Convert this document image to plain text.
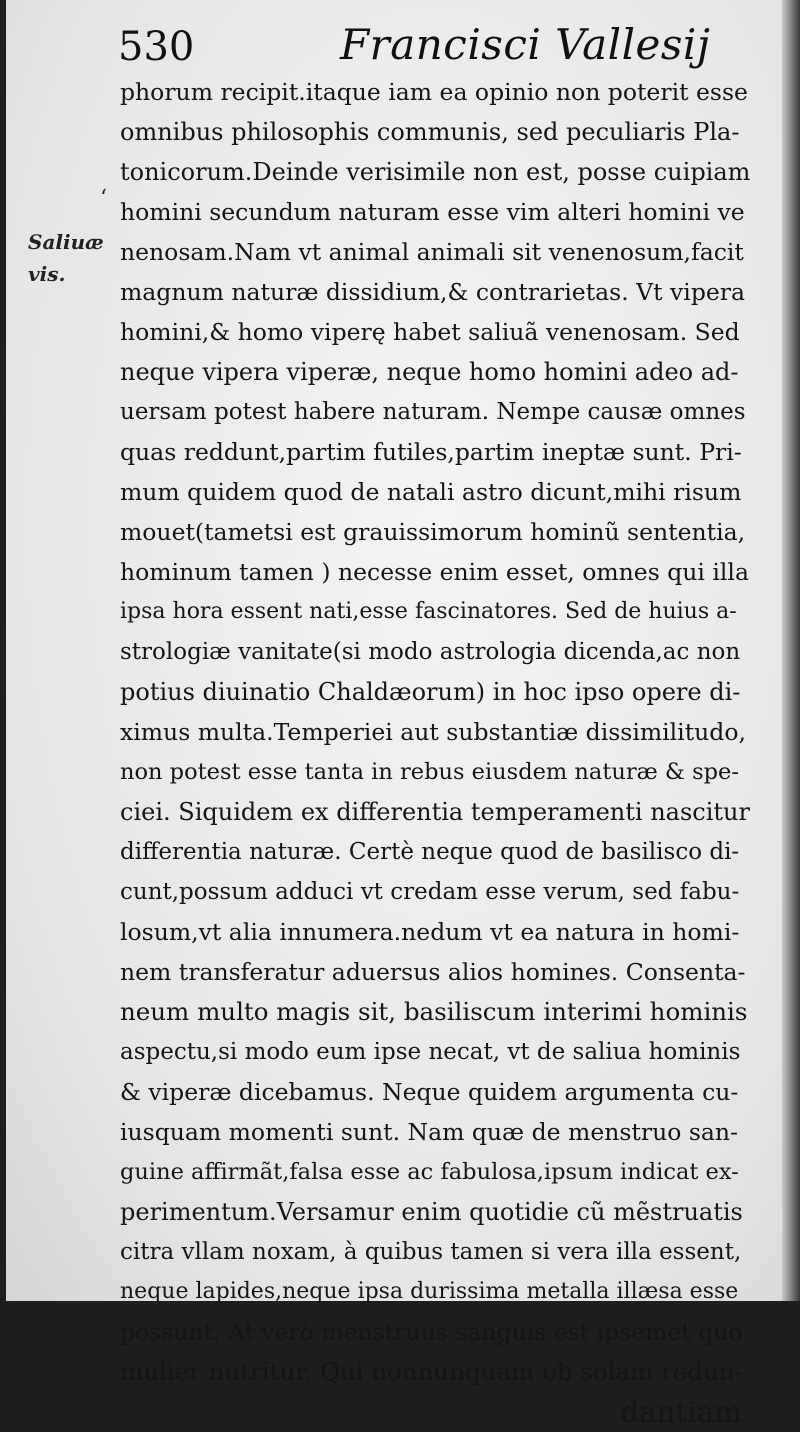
530	Francisci Vallesij
Saliuæ
vis.
‘
phorum recipit.itaque iam ea opinio non poterit esse
omnibus philosophis communis, sed peculiaris Pla-
tonicorum.Deinde verisimile non est, posse cuipiam
homini secundum naturam esse vim alteri homini ve
nenosam.Nam vt animal animali sit venenosum,facit
magnum naturæ dissidium,& contrarietas. Vt vipera
homini,& homo viperę habet saliuã venenosam. Sed
neque vipera viperæ, neque homo homini adeo ad-
uersam potest habere naturam. Nempe causæ omnes
quas reddunt,partim futiles,partim ineptæ sunt. Pri-
mum quidem quod de natali astro dicunt,mihi risum
mouet(tametsi est grauissimorum hominũ sententia,
hominum tamen ) necesse enim esset, omnes qui illa
ipsa hora essent nati,esse fascinatores. Sed de huius a-
strologiæ vanitate(si modo astrologia dicenda,ac non
potius diuinatio Chaldæorum) in hoc ipso opere di-
ximus multa.Temperiei aut substantiæ dissimilitudo,
non potest esse tanta in rebus eiusdem naturæ & spe-
ciei. Siquidem ex differentia temperamenti nascitur
differentia naturæ. Certè neque quod de basilisco di-
cunt,possum adduci vt credam esse verum, sed fabu-
losum,vt alia innumera.nedum vt ea natura in homi-
nem transferatur aduersus alios homines. Consenta-
neum multo magis sit, basiliscum interimi hominis
aspectu,si modo eum ipse necat, vt de saliua hominis
& viperæ dicebamus. Neque quidem argumenta cu-
iusquam momenti sunt. Nam quæ de menstruo san-
guine affirmãt,falsa esse ac fabulosa,ipsum indicat ex-
perimentum.Versamur enim quotidie cũ mẽstruatis
citra vllam noxam, à quibus tamen si vera illa essent,
neque lapides,neque ipsa durissima metalla illæsa esse
possunt. At verò menstruus sanguis est ipsemet quo
mulier nutritur. Qui nonnunquam ob solam redun-
dantiam
